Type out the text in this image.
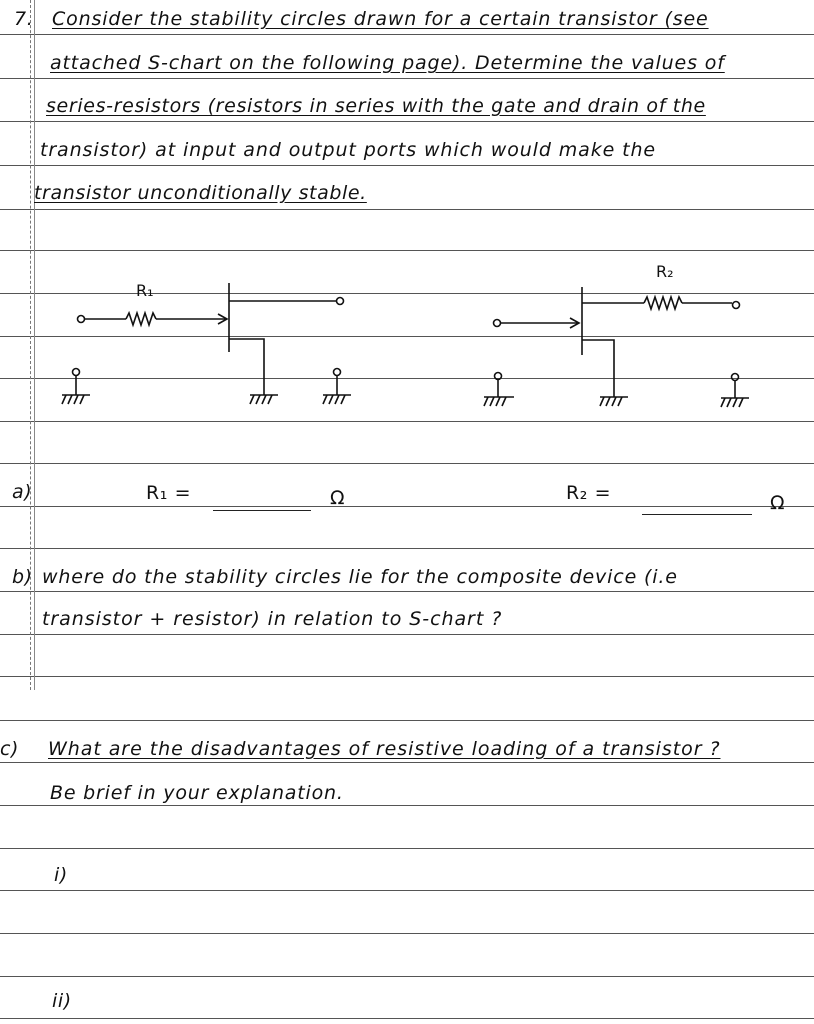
7. Consider the stability circles drawn for a certain transistor (see
attached S-chart on the following page). Determine the values of
series-resistors (resistors in series with the gate and drain of the
transistor) at input and output ports which would make the
transistor unconditionally stable.
R₁
R₂
a)	R₁ =	Ω	R₂ =	Ω
b) where do the stability circles lie for the composite device (i.e
transistor + resistor) in relation to S-chart ?
c) What are the disadvantages of resistive loading of a transistor ?
Be brief in your explanation.
i)
ii)
